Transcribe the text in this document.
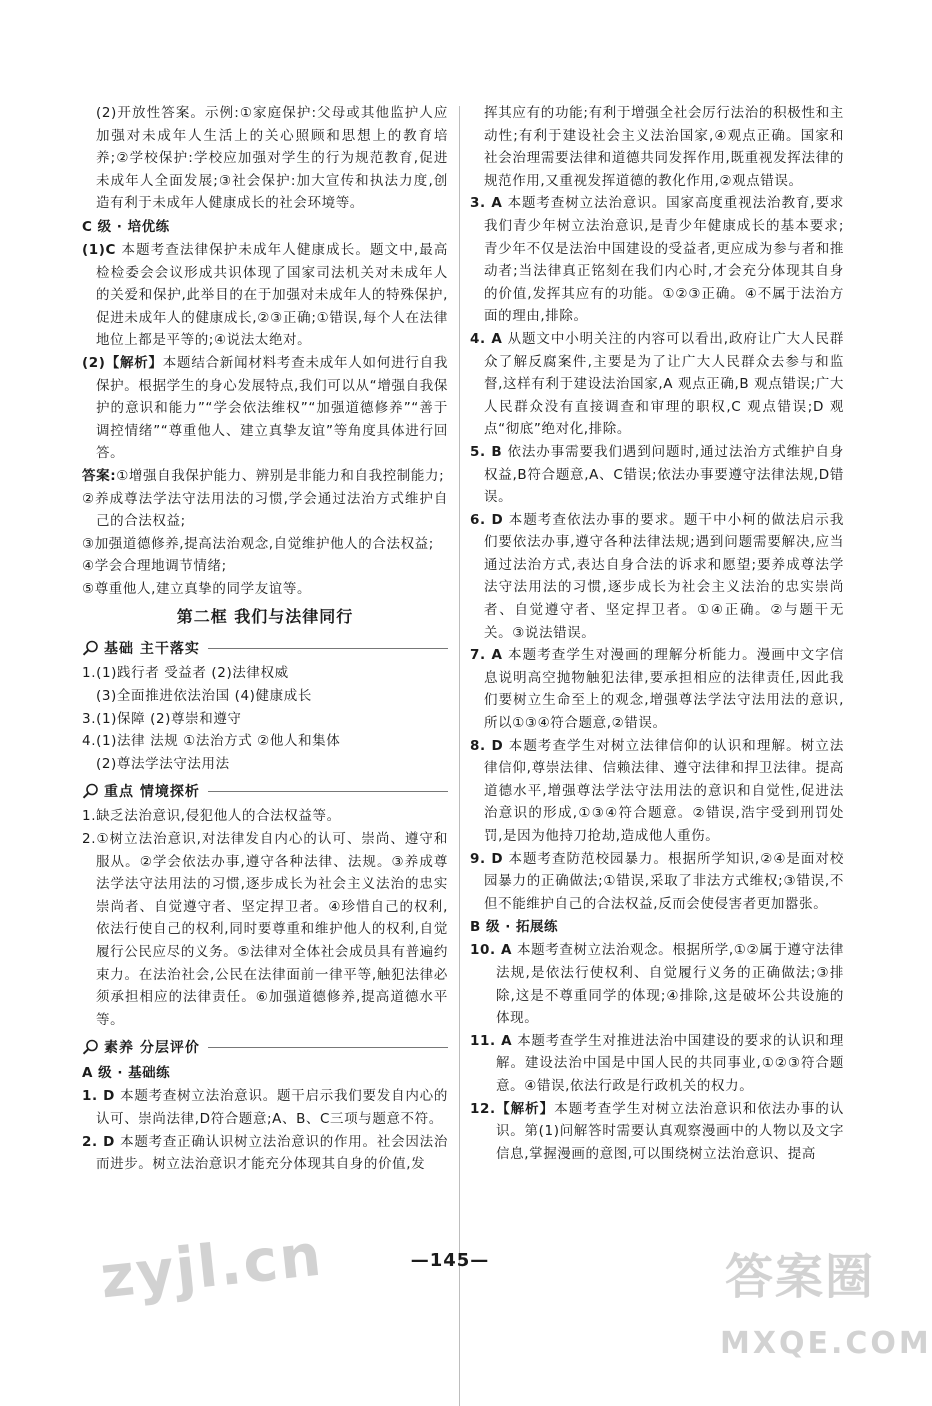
(2)开放性答案。示例:①家庭保护:父母或其他监护人应加强对未成年人生活上的关心照顾和思想上的教育培养;②学校保护:学校应加强对学生的行为规范教育,促进未成年人全面发展;③社会保护:加大宣传和执法力度,创造有利于未成年人健康成长的社会环境等。

C 级 · 培优练

(1)C 本题考查法律保护未成年人健康成长。题文中,最高检检委会会议形成共识体现了国家司法机关对未成年人的关爱和保护,此举目的在于加强对未成年人的特殊保护,促进未成年人的健康成长,②③正确;①错误,每个人在法律地位上都是平等的;④说法太绝对。

(2)【解析】本题结合新闻材料考查未成年人如何进行自我保护。根据学生的身心发展特点,我们可以从“增强自我保护的意识和能力”“学会依法维权”“加强道德修养”“善于调控情绪”“尊重他人、建立真挚友谊”等角度具体进行回答。

答案:①增强自我保护能力、辨别是非能力和自我控制能力;

②养成尊法学法守法用法的习惯,学会通过法治方式维护自己的合法权益;

③加强道德修养,提高法治观念,自觉维护他人的合法权益;

④学会合理地调节情绪;

⑤尊重他人,建立真挚的同学友谊等。

第二框 我们与法律同行

基础 主干落实

1.(1)践行者 受益者 (2)法律权威

(3)全面推进依法治国 (4)健康成长

3.(1)保障 (2)尊崇和遵守

4.(1)法律 法规 ①法治方式 ②他人和集体

(2)尊法学法守法用法

重点 情境探析

1.缺乏法治意识,侵犯他人的合法权益等。

2.①树立法治意识,对法律发自内心的认可、崇尚、遵守和服从。②学会依法办事,遵守各种法律、法规。③养成尊法学法守法用法的习惯,逐步成长为社会主义法治的忠实崇尚者、自觉遵守者、坚定捍卫者。④珍惜自己的权利,依法行使自己的权利,同时要尊重和维护他人的权利,自觉履行公民应尽的义务。⑤法律对全体社会成员具有普遍约束力。在法治社会,公民在法律面前一律平等,触犯法律必须承担相应的法律责任。⑥加强道德修养,提高道德水平等。

素养 分层评价

A 级 · 基础练

1. D 本题考查树立法治意识。题干启示我们要发自内心的认可、崇尚法律,D符合题意;A、B、C三项与题意不符。

2. D 本题考查正确认识树立法治意识的作用。社会因法治而进步。树立法治意识才能充分体现其自身的价值,发

挥其应有的功能;有利于增强全社会厉行法治的积极性和主动性;有利于建设社会主义法治国家,④观点正确。国家和社会治理需要法律和道德共同发挥作用,既重视发挥法律的规范作用,又重视发挥道德的教化作用,②观点错误。

3. A 本题考查树立法治意识。国家高度重视法治教育,要求我们青少年树立法治意识,是青少年健康成长的基本要求;青少年不仅是法治中国建设的受益者,更应成为参与者和推动者;当法律真正铭刻在我们内心时,才会充分体现其自身的价值,发挥其应有的功能。①②③正确。④不属于法治方面的理由,排除。

4. A 从题文中小明关注的内容可以看出,政府让广大人民群众了解反腐案件,主要是为了让广大人民群众去参与和监督,这样有利于建设法治国家,A 观点正确,B 观点错误;广大人民群众没有直接调查和审理的职权,C 观点错误;D 观点“彻底”绝对化,排除。

5. B 依法办事需要我们遇到问题时,通过法治方式维护自身权益,B符合题意,A、C错误;依法办事要遵守法律法规,D错误。

6. D 本题考查依法办事的要求。题干中小柯的做法启示我们要依法办事,遵守各种法律法规;遇到问题需要解决,应当通过法治方式,表达自身合法的诉求和愿望;要养成尊法学法守法用法的习惯,逐步成长为社会主义法治的忠实崇尚者、自觉遵守者、坚定捍卫者。①④正确。②与题干无关。③说法错误。

7. A 本题考查学生对漫画的理解分析能力。漫画中文字信息说明高空抛物触犯法律,要承担相应的法律责任,因此我们要树立生命至上的观念,增强尊法学法守法用法的意识,所以①③④符合题意,②错误。

8. D 本题考查学生对树立法律信仰的认识和理解。树立法律信仰,尊崇法律、信赖法律、遵守法律和捍卫法律。提高道德水平,增强尊法学法守法用法的意识和自觉性,促进法治意识的形成,①③④符合题意。②错误,浩宇受到刑罚处罚,是因为他持刀抢劫,造成他人重伤。

9. D 本题考查防范校园暴力。根据所学知识,②④是面对校园暴力的正确做法;①错误,采取了非法方式维权;③错误,不但不能维护自己的合法权益,反而会使侵害者更加嚣张。

B 级 · 拓展练

10. A 本题考查树立法治观念。根据所学,①②属于遵守法律法规,是依法行使权利、自觉履行义务的正确做法;③排除,这是不尊重同学的体现;④排除,这是破坏公共设施的体现。

11. A 本题考查学生对推进法治中国建设的要求的认识和理解。建设法治中国是中国人民的共同事业,①②③符合题意。④错误,依法行政是行政机关的权力。

12.【解析】本题考查学生对树立法治意识和依法办事的认识。第(1)问解答时需要认真观察漫画中的人物以及文字信息,掌握漫画的意图,可以围绕树立法治意识、提高

—145—
zyjl.cn	答案圈
MXQE.COM
